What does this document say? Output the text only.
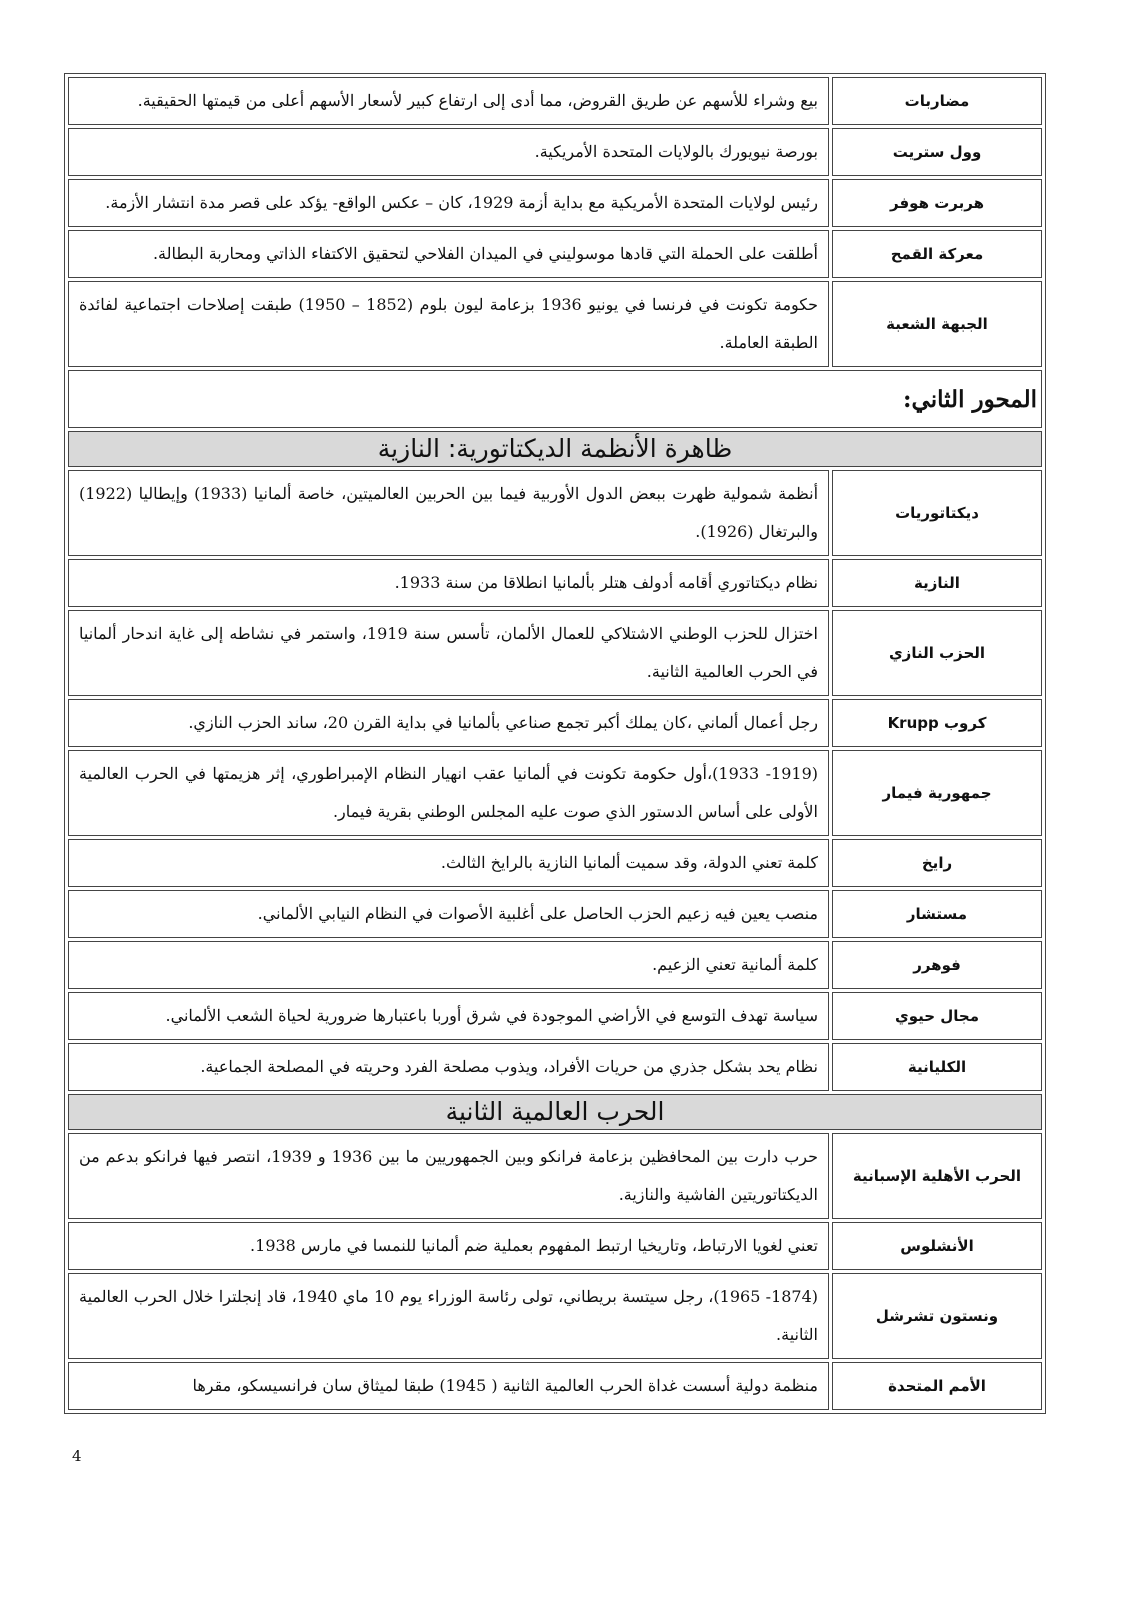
مضاربات	بيع وشراء للأسهم عن طريق القروض، مما أدى إلى ارتفاع كبير لأسعار الأسهم أعلى من قيمتها الحقيقية.
وول ستريت	بورصة نيويورك بالولايات المتحدة الأمريكية.
هربرت هوفر	رئيس لولايات المتحدة الأمريكية مع بداية أزمة 1929، كان – عكس الواقع- يؤكد على قصر مدة انتشار الأزمة.
معركة القمح	أطلقت على الحملة التي قادها موسوليني في الميدان الفلاحي لتحقيق الاكتفاء الذاتي ومحاربة البطالة.
الجبهة الشعبة	حكومة تكونت في فرنسا في يونيو 1936 بزعامة ليون بلوم (1852 – 1950) طبقت إصلاحات اجتماعية لفائدة الطبقة العاملة.
المحور الثاني:	
ظاهرة الأنظمة الديكتاتورية: النازية	
ديكتاتوريات	أنظمة شمولية ظهرت ببعض الدول الأوربية فيما بين الحربين العالميتين، خاصة ألمانيا (1933) وإيطاليا (1922) والبرتغال (1926).
النازية	نظام ديكتاتوري أقامه أدولف هتلر بألمانيا انطلاقا من سنة 1933.
الحزب النازي	اختزال للحزب الوطني الاشتلاكي للعمال الألمان، تأسس سنة 1919، واستمر في نشاطه إلى غاية اندحار ألمانيا في الحرب العالمية الثانية.
كروب Krupp	رجل أعمال ألماني ،كان يملك أكبر تجمع صناعي بألمانيا في بداية القرن 20، ساند الحزب النازي.
جمهورية فيمار	(1919- 1933)،أول حكومة تكونت في ألمانيا عقب انهيار النظام الإمبراطوري، إثر هزيمتها في الحرب العالمية الأولى على أساس الدستور الذي صوت عليه المجلس الوطني بقرية فيمار.
رايخ	كلمة تعني الدولة، وقد سميت ألمانيا النازية بالرايخ الثالث.
مستشار	منصب يعين فيه زعيم الحزب الحاصل على أغلبية الأصوات في النظام النيابي الألماني.
فوهرر	كلمة ألمانية تعني الزعيم.
مجال حيوي	سياسة تهدف التوسع في الأراضي الموجودة في شرق أوربا باعتبارها ضرورية لحياة الشعب الألماني.
الكليانية	نظام يحد بشكل جذري من حريات الأفراد، ويذوب مصلحة الفرد وحريته في المصلحة الجماعية.
الحرب العالمية الثانية	
الحرب الأهلية الإسبانية	حرب دارت بين المحافظين بزعامة فرانكو وبين الجمهوريين ما بين 1936 و 1939، انتصر فيها فرانكو بدعم من الديكتاتوريتين الفاشية والنازية.
الأنشلوس	تعني لغويا الارتباط، وتاريخيا ارتبط المفهوم بعملية ضم ألمانيا للنمسا في مارس 1938.
ونستون تشرشل	(1874- 1965)، رجل سيتسة بريطاني، تولى رئاسة الوزراء يوم 10 ماي 1940، قاد إنجلترا خلال الحرب العالمية الثانية.
الأمم المتحدة	منظمة دولية أسست غداة الحرب العالمية الثانية ( 1945) طبقا لميثاق سان فرانسيسكو، مقرها
4
